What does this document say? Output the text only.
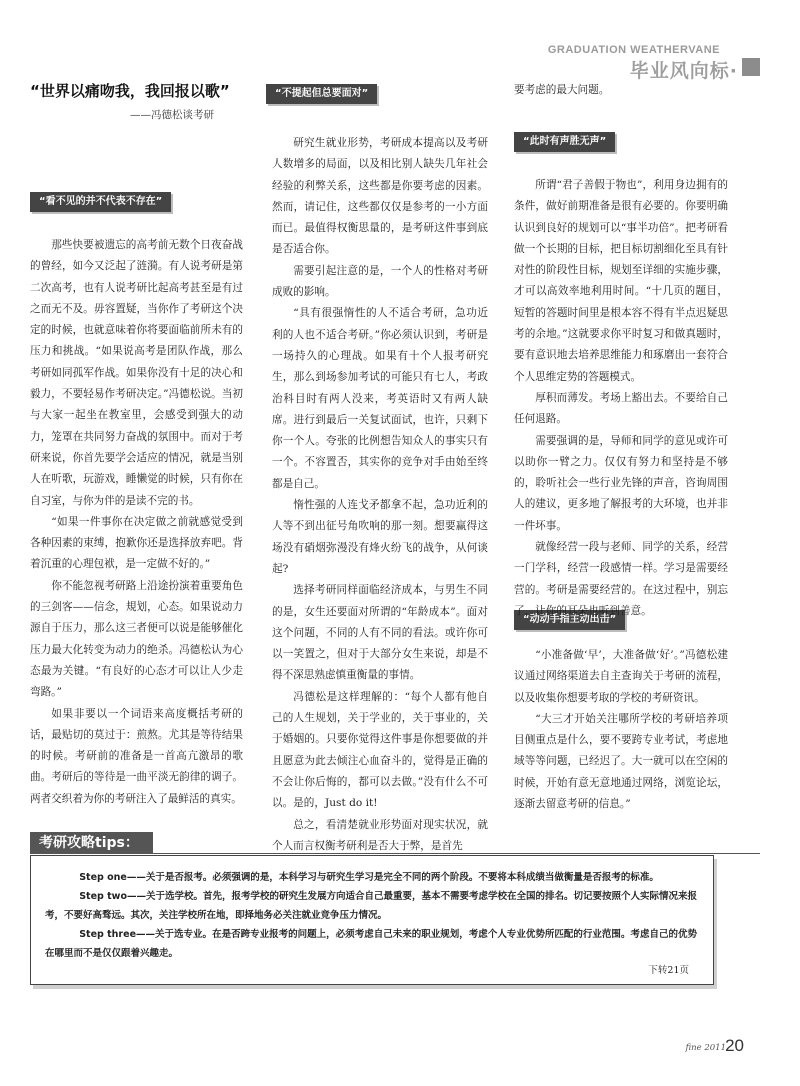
GRADUATION WEATHERVANE
毕业风向标·
“世界以痛吻我，我回报以歌”
——冯德松谈考研
“看不见的并不代表不存在”
“不提起但总要面对”
“此时有声胜无声”
“动动手指主动出击”

那些快要被遗忘的高考前无数个日夜奋战的曾经，如今又泛起了涟漪。有人说考研是第二次高考，也有人说考研比起高考甚至是有过之而无不及。毋容置疑，当你作了考研这个决定的时候，也就意味着你将要面临前所未有的压力和挑战。“如果说高考是团队作战，那么考研如同孤军作战。如果你没有十足的决心和毅力，不要轻易作考研决定。”冯德松说。当初与大家一起坐在教室里，会感受到强大的动力，笼罩在共同努力奋战的氛围中。而对于考研来说，你首先要学会适应的情况，就是当别人在听歌，玩游戏，睡懒觉的时候，只有你在自习室，与你为伴的是读不完的书。

“如果一件事你在决定做之前就感觉受到各种因素的束缚，抱歉你还是选择放弃吧。背着沉重的心理包袱，是一定做不好的。”

你不能忽视考研路上沿途扮演着重要角色的三剑客——信念，規划，心态。如果说动力源自于压力，那么这三者便可以说是能够催化压力最大化转变为动力的绝杀。冯德松认为心态最为关键。“有良好的心态才可以让人少走弯路。”

如果非要以一个词语来高度概括考研的话，最贴切的莫过于：煎熬。尤其是等待结果的时候。考研前的准备是一首高亢激昂的歌曲。考研后的等待是一曲平淡无韵律的调子。两者交织着为你的考研注入了最鲜活的真实。

研究生就业形势，考研成本提高以及考研人数增多的局面，以及相比别人缺失几年社会经验的利弊关系，这些都是你要考虑的因素。然而，请记住，这些都仅仅是参考的一小方面而已。最值得权衡思量的，是考研这件事到底是否适合你。

需要引起注意的是，一个人的性格对考研成败的影响。

“具有很强惰性的人不适合考研，急功近利的人也不适合考研。”你必须认识到，考研是一场持久的心理战。如果有十个人报考研究生，那么到场参加考试的可能只有七人，考政治科目时有两人没来，考英语时又有两人缺席。进行到最后一关复试面试，也许，只剩下你一个人。夸张的比例想告知众人的事实只有一个。不容置否，其实你的竞争对手由始至终都是自己。

惰性强的人连戈矛都拿不起，急功近利的人等不到出征号角吹响的那一刻。想要赢得这场没有硝烟弥漫没有烽火纷飞的战争，从何谈起?

选择考研同样面临经济成本，与男生不同的是，女生还要面对所谓的“年龄成本”。面对这个问题，不同的人有不同的看法。或许你可以一笑置之，但对于大部分女生来说，却是不得不深思熟虑慎重衡量的事情。

冯德松是这样理解的：“每个人都有他自己的人生规划，关于学业的，关于事业的，关于婚姻的。只要你觉得这件事是你想要做的并且愿意为此去倾注心血奋斗的，觉得是正确的不会让你后悔的，都可以去做。”没有什么不可以。是的，Just do it!

总之，看清楚就业形势面对现实状况，就个人而言权衡考研利是否大于弊，是首先

要考虑的最大问题。

所谓“君子善假于物也”，利用身边拥有的条件，做好前期准备是很有必要的。你要明确认识到良好的规划可以“事半功倍”。把考研看做一个长期的目标，把目标切割细化至具有针对性的阶段性目标，规划至详细的实施步骤，才可以高效率地利用时间。“十几页的题目，短暂的答题时间里是根本容不得有半点迟疑思考的余地。”这就要求你平时复习和做真题时，要有意识地去培养思维能力和琢磨出一套符合个人思维定势的答题模式。

厚积而薄发。考场上豁出去。不要给自己任何退路。

需要强调的是，导师和同学的意见或许可以助你一臂之力。仅仅有努力和坚持是不够的，聆听社会一些行业先锋的声音，咨询周围人的建议，更多地了解报考的大环境，也并非一件坏事。

就像经营一段与老师、同学的关系，经营一门学科，经营一段感情一样。学习是需要经营的。考研是需要经营的。在这过程中，别忘了，让你的耳朵也听到善意。

“小准备做‘早’，大准备做‘好’。”冯德松建议通过网络渠道去自主查询关于考研的流程，以及收集你想要考取的学校的考研资讯。

“大三才开始关注哪所学校的考研培养项目侧重点是什么，要不要跨专业考试，考虑地域等等问题，已经迟了。大一就可以在空闲的时候，开始有意无意地通过网络，浏览论坛，逐渐去留意考研的信息。”

考研攻略tips：

Step one——关于是否报考。必须强调的是，本科学习与研究生学习是完全不同的两个阶段。不要将本科成绩当做衡量是否报考的标准。

Step two——关于选学校。首先，报考学校的研究生发展方向适合自己最重要，基本不需要考虑学校在全国的排名。切记要按照个人实际情况来报考，不要好高骛远。其次，关注学校所在地，即择地务必关注就业竞争压力情况。

Step three——关于选专业。在是否跨专业报考的问题上，必须考虑自己未来的职业规划，考虑个人专业优势所匹配的行业范围。考虑自己的优势在哪里而不是仅仅跟着兴趣走。

下转21页
fine 2011 20
